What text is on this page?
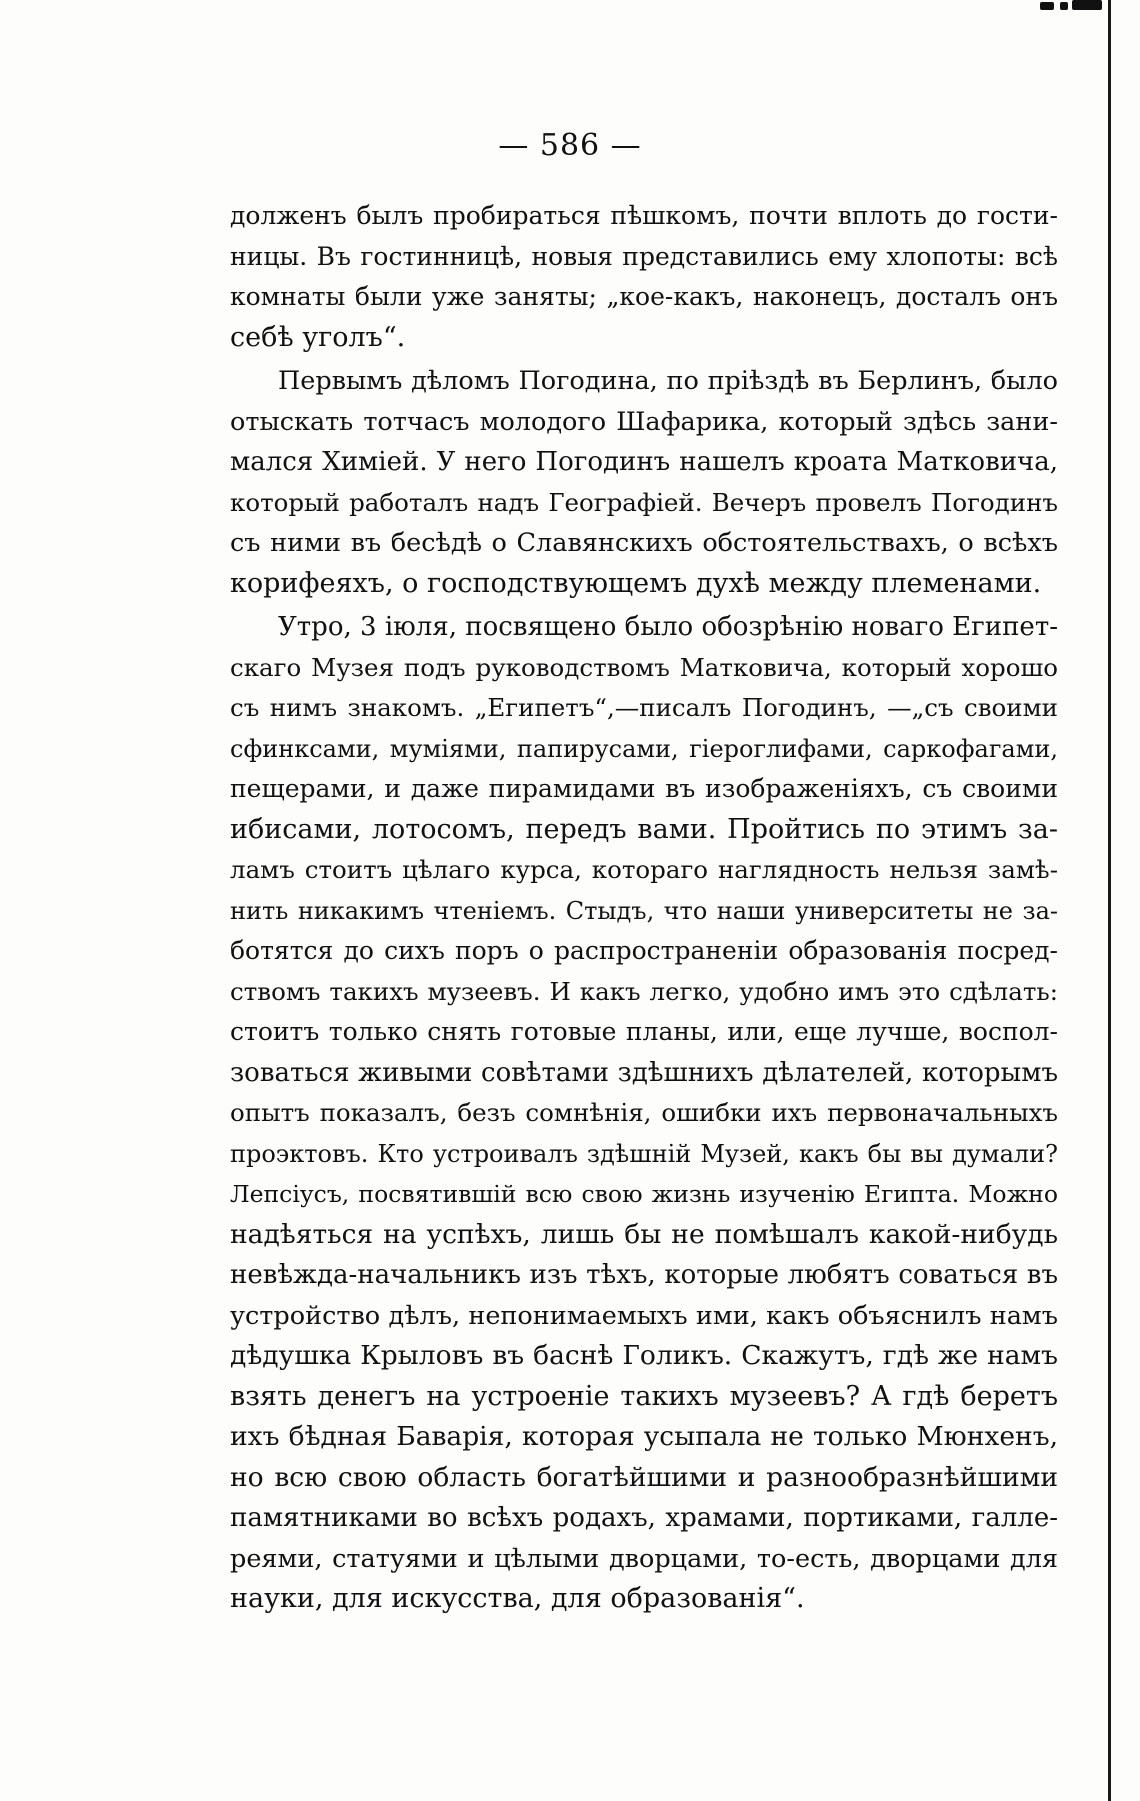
— 586 —
долженъ былъ пробираться пѣшкомъ, почти вплоть до гости-
ницы. Въ гостинницѣ, новыя представились ему хлопоты: всѣ
комнаты были уже заняты; „кое-какъ, наконецъ, досталъ онъ
себѣ уголъ“.
Первымъ дѣломъ Погодина, по пріѣздѣ въ Берлинъ, было
отыскать тотчасъ молодого Шафарика, который здѣсь зани-
мался Химіей. У него Погодинъ нашелъ кроата Матковича,
который работалъ надъ Географіей. Вечеръ провелъ Погодинъ
съ ними въ бесѣдѣ о Славянскихъ обстоятельствахъ, о всѣхъ
корифеяхъ, о господствующемъ духѣ между племенами.
Утро, 3 іюля, посвящено было обозрѣнію новаго Египет-
скаго Музея подъ руководствомъ Матковича, который хорошо
съ нимъ знакомъ. „Египетъ“,—писалъ Погодинъ, —„съ своими
сфинксами, муміями, папирусами, гіероглифами, саркофагами,
пещерами, и даже пирамидами въ изображеніяхъ, съ своими
ибисами, лотосомъ, передъ вами. Пройтись по этимъ за-
ламъ стоитъ цѣлаго курса, котораго наглядность нельзя замѣ-
нить никакимъ чтеніемъ. Стыдъ, что наши университеты не за-
ботятся до сихъ поръ о распространеніи образованія посред-
ствомъ такихъ музеевъ. И какъ легко, удобно имъ это сдѣлать:
стоитъ только снять готовые планы, или, еще лучше, воспол-
зоваться живыми совѣтами здѣшнихъ дѣлателей, которымъ
опытъ показалъ, безъ сомнѣнія, ошибки ихъ первоначальныхъ
проэктовъ. Кто устроивалъ здѣшній Музей, какъ бы вы думали?
Лепсіусъ, посвятившій всю свою жизнь изученію Египта. Можно
надѣяться на успѣхъ, лишь бы не помѣшалъ какой-нибудь
невѣжда-начальникъ изъ тѣхъ, которые любятъ соваться въ
устройство дѣлъ, непонимаемыхъ ими, какъ объяснилъ намъ
дѣдушка Крыловъ въ баснѣ Голикъ. Скажутъ, гдѣ же намъ
взять денегъ на устроеніе такихъ музеевъ? А гдѣ беретъ
ихъ бѣдная Баварія, которая усыпала не только Мюнхенъ,
но всю свою область богатѣйшими и разнообразнѣйшими
памятниками во всѣхъ родахъ, храмами, портиками, галле-
реями, статуями и цѣлыми дворцами, то-есть, дворцами для
науки, для искусства, для образованія“.
